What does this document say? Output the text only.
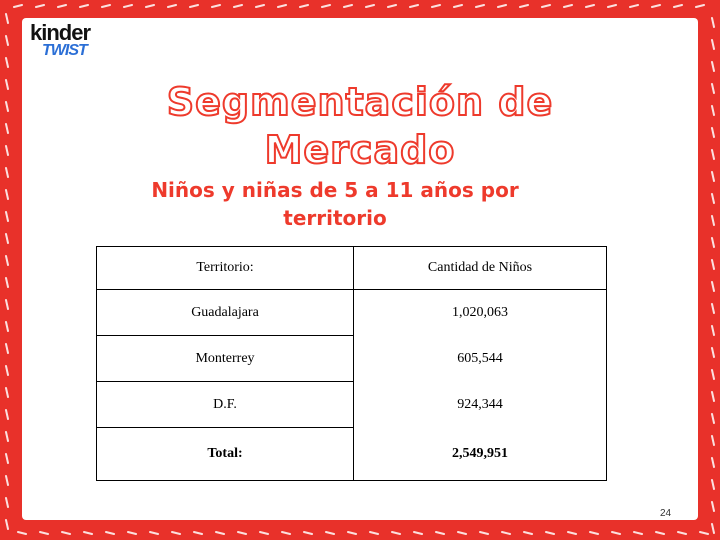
kinder
TWIST
Segmentación de Mercado
Niños y niñas de 5 a 11 años por territorio
Territorio:	Cantidad de Niños
Guadalajara	1,020,063
Monterrey	605,544
D.F.	924,344
Total:	2,549,951
24
